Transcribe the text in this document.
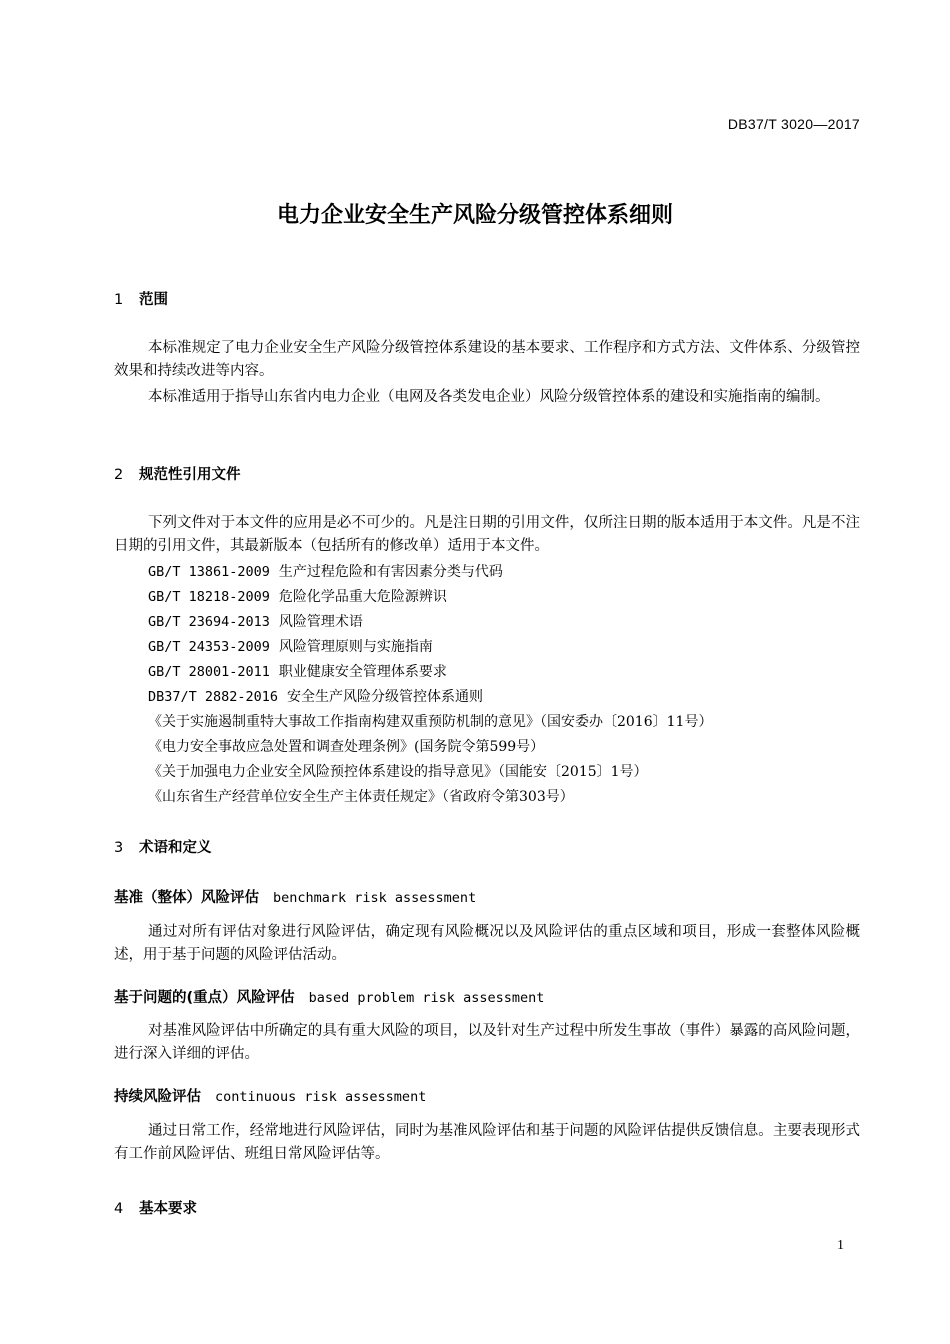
DB37/T 3020—2017
电力企业安全生产风险分级管控体系细则
1 范围

本标准规定了电力企业安全生产风险分级管控体系建设的基本要求、工作程序和方式方法、文件体系、分级管控效果和持续改进等内容。

本标准适用于指导山东省内电力企业（电网及各类发电企业）风险分级管控体系的建设和实施指南的编制。

2 规范性引用文件

下列文件对于本文件的应用是必不可少的。凡是注日期的引用文件，仅所注日期的版本适用于本文件。凡是不注日期的引用文件，其最新版本（包括所有的修改单）适用于本文件。

GB/T 13861-2009 生产过程危险和有害因素分类与代码
GB/T 18218-2009 危险化学品重大危险源辨识
GB/T 23694-2013 风险管理术语
GB/T 24353-2009 风险管理原则与实施指南
GB/T 28001-2011 职业健康安全管理体系要求
DB37/T 2882-2016 安全生产风险分级管控体系通则
《关于实施遏制重特大事故工作指南构建双重预防机制的意见》（国安委办〔2016〕11号）
《电力安全事故应急处置和调查处理条例》(国务院令第599号）
《关于加强电力企业安全风险预控体系建设的指导意见》（国能安〔2015〕1号）
《山东省生产经营单位安全生产主体责任规定》（省政府令第303号）
3 术语和定义
基准（整体）风险评估 benchmark risk assessment

通过对所有评估对象进行风险评估，确定现有风险概况以及风险评估的重点区域和项目，形成一套整体风险概述，用于基于问题的风险评估活动。

基于问题的(重点）风险评估 based problem risk assessment

对基准风险评估中所确定的具有重大风险的项目，以及针对生产过程中所发生事故（事件）暴露的高风险问题，进行深入详细的评估。

持续风险评估 continuous risk assessment

通过日常工作，经常地进行风险评估，同时为基准风险评估和基于问题的风险评估提供反馈信息。主要表现形式有工作前风险评估、班组日常风险评估等。

4 基本要求
1
